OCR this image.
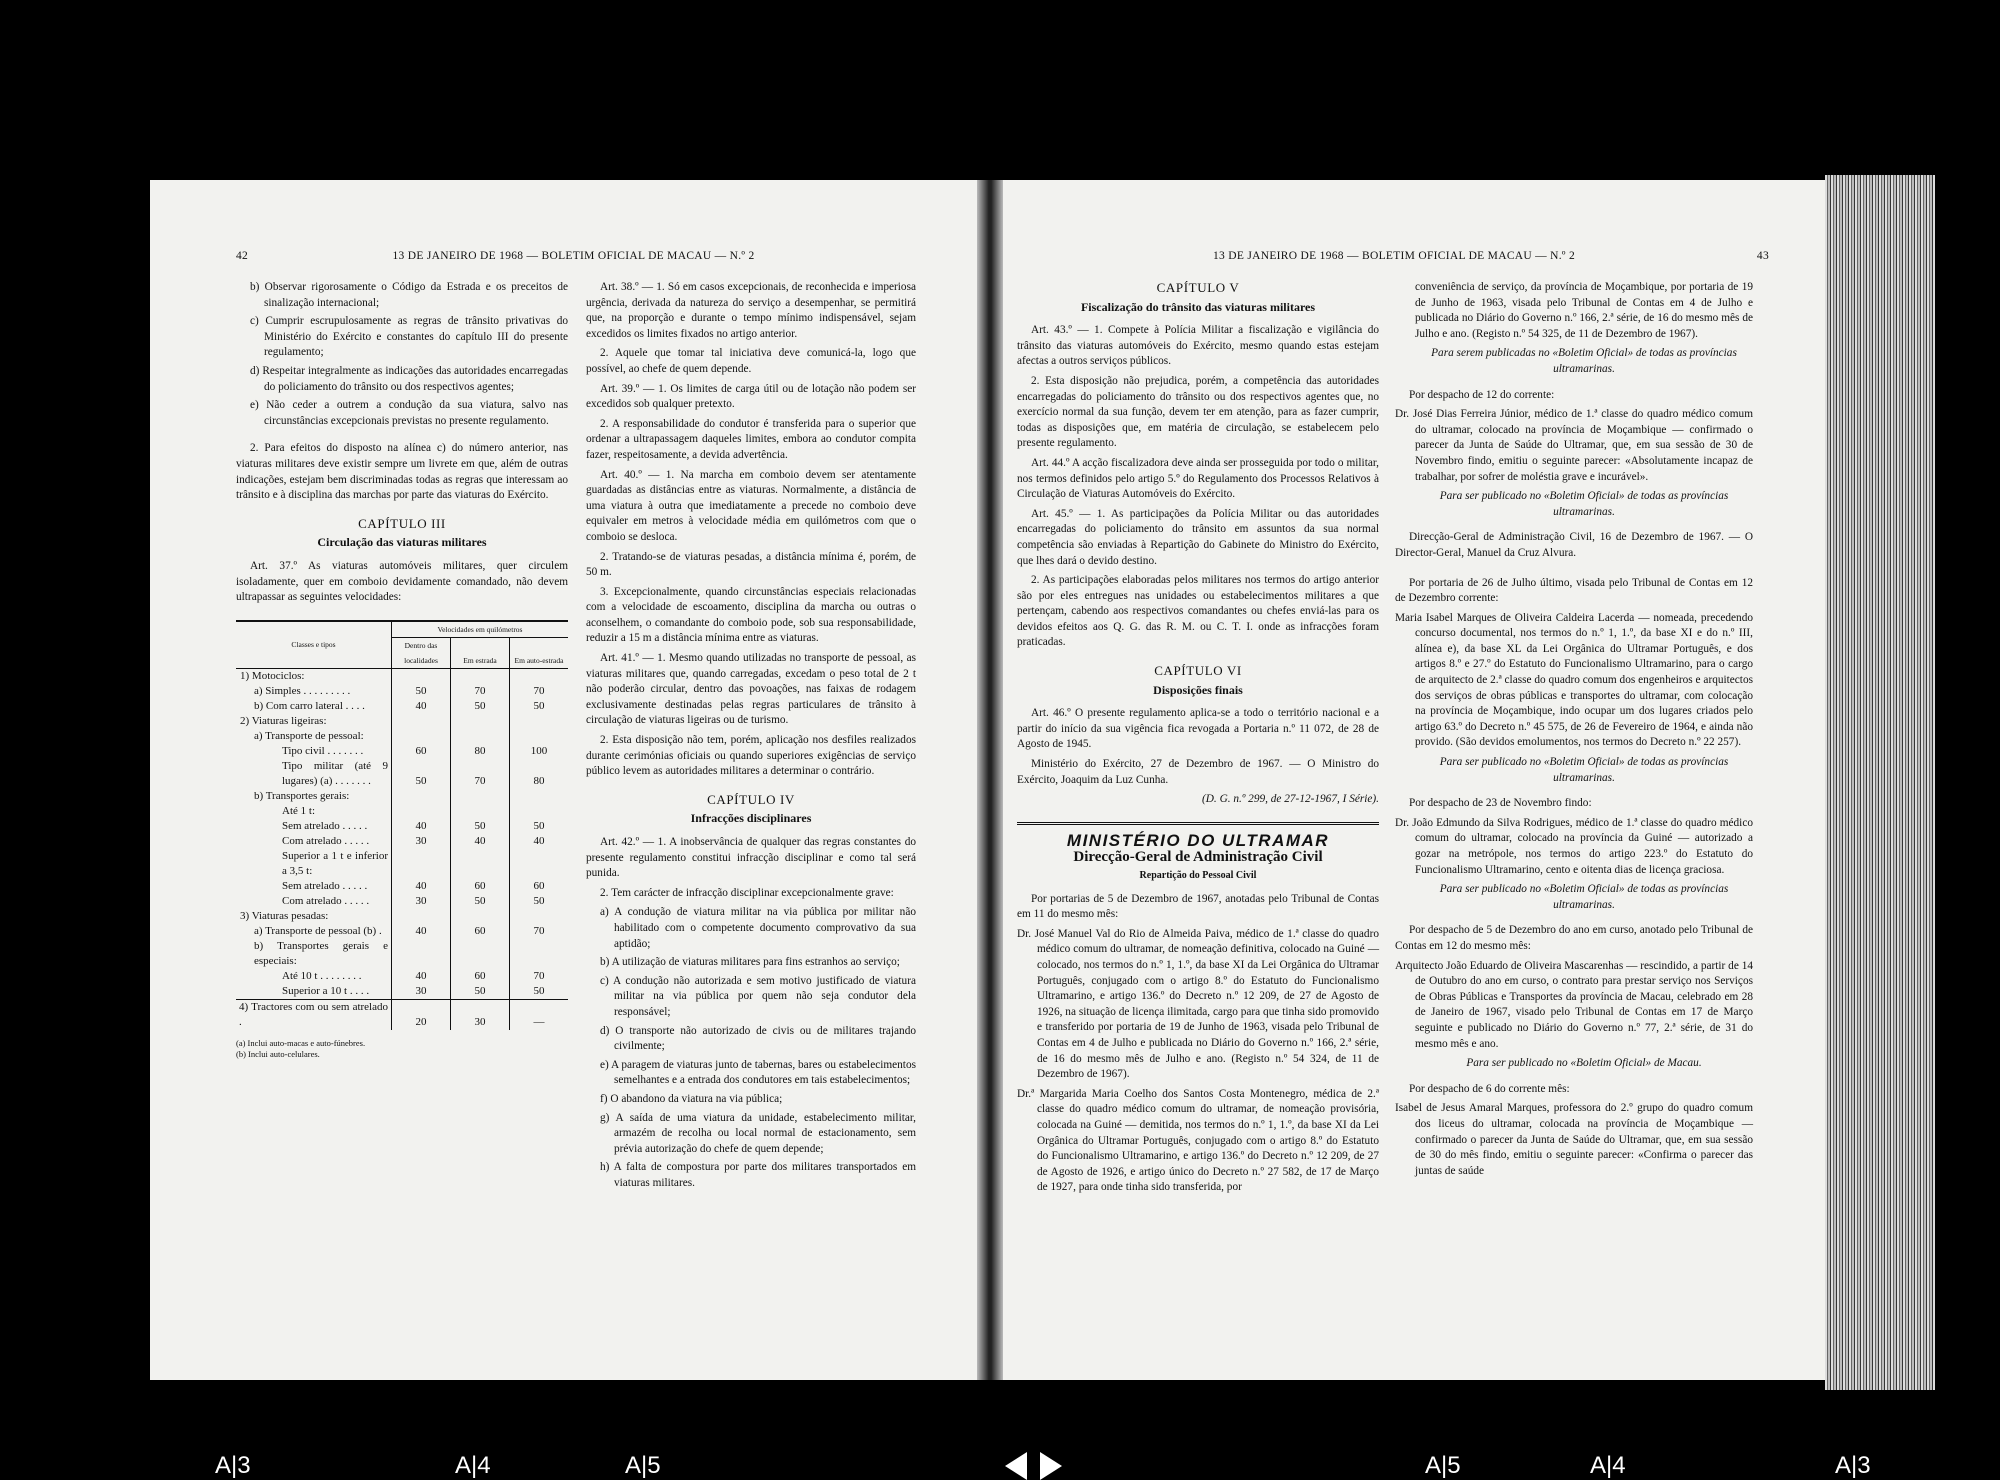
42	13 DE JANEIRO DE 1968 — BOLETIM OFICIAL DE MACAU — N.º 2

b) Observar rigorosamente o Código da Estrada e os preceitos de sinalização internacional;

c) Cumprir escrupulosamente as regras de trânsito privativas do Ministério do Exército e constantes do capítulo III do presente regulamento;

d) Respeitar integralmente as indicações das autoridades encarregadas do policiamento do trânsito ou dos respectivos agentes;

e) Não ceder a outrem a condução da sua viatura, salvo nas circunstâncias excepcionais previstas no presente regulamento.

2. Para efeitos do disposto na alínea c) do número anterior, nas viaturas militares deve existir sempre um livrete em que, além de outras indicações, estejam bem discriminadas todas as regras que interessam ao trânsito e à disciplina das marchas por parte das viaturas do Exército.

CAPÍTULO III

Circulação das viaturas militares

Art. 37.º As viaturas automóveis militares, quer circulem isoladamente, quer em comboio devidamente comandado, não devem ultrapassar as seguintes velocidades:

Classes e tipos	Velocidades em quilómetros		
	Dentro das localidades	Em estrada	Em auto-estrada
1) Motociclos:			
a) Simples . . . . . . . . .	50	70	70
b) Com carro lateral . . . .	40	50	50
2) Viaturas ligeiras:			
a) Transporte de pessoal:			
Tipo civil . . . . . . .	60	80	100
Tipo militar (até 9 lugares) (a) . . . . . . .	50	70	80
b) Transportes gerais:			
Até 1 t:			
Sem atrelado . . . . .	40	50	50
Com atrelado . . . . .	30	40	40
Superior a 1 t e inferior a 3,5 t:			
Sem atrelado . . . . .	40	60	60
Com atrelado . . . . .	30	50	50
3) Viaturas pesadas:			
a) Transporte de pessoal (b) .	40	60	70
b) Transportes gerais e especiais:			
Até 10 t . . . . . . . .	40	60	70
Superior a 10 t . . . .	30	50	50
4) Tractores com ou sem atrelado .	20	30	—
(a) Inclui auto-macas e auto-fúnebres.
(b) Inclui auto-celulares.

Art. 38.º — 1. Só em casos excepcionais, de reconhecida e imperiosa urgência, derivada da natureza do serviço a desempenhar, se permitirá que, na proporção e durante o tempo mínimo indispensável, sejam excedidos os limites fixados no artigo anterior.

2. Aquele que tomar tal iniciativa deve comunicá-la, logo que possível, ao chefe de quem depende.

Art. 39.º — 1. Os limites de carga útil ou de lotação não podem ser excedidos sob qualquer pretexto.

2. A responsabilidade do condutor é transferida para o superior que ordenar a ultrapassagem daqueles limites, embora ao condutor compita fazer, respeitosamente, a devida advertência.

Art. 40.º — 1. Na marcha em comboio devem ser atentamente guardadas as distâncias entre as viaturas. Normalmente, a distância de uma viatura à outra que imediatamente a precede no comboio deve equivaler em metros à velocidade média em quilómetros com que o comboio se desloca.

2. Tratando-se de viaturas pesadas, a distância mínima é, porém, de 50 m.

3. Excepcionalmente, quando circunstâncias especiais relacionadas com a velocidade de escoamento, disciplina da marcha ou outras o aconselhem, o comandante do comboio pode, sob sua responsabilidade, reduzir a 15 m a distância mínima entre as viaturas.

Art. 41.º — 1. Mesmo quando utilizadas no transporte de pessoal, as viaturas militares que, quando carregadas, excedam o peso total de 2 t não poderão circular, dentro das povoações, nas faixas de rodagem exclusivamente destinadas pelas regras particulares de trânsito à circulação de viaturas ligeiras ou de turismo.

2. Esta disposição não tem, porém, aplicação nos desfiles realizados durante cerimónias oficiais ou quando superiores exigências de serviço público levem as autoridades militares a determinar o contrário.

CAPÍTULO IV

Infracções disciplinares

Art. 42.º — 1. A inobservância de qualquer das regras constantes do presente regulamento constitui infracção disciplinar e como tal será punida.

2. Tem carácter de infracção disciplinar excepcionalmente grave:

a) A condução de viatura militar na via pública por militar não habilitado com o competente documento comprovativo da sua aptidão;

b) A utilização de viaturas militares para fins estranhos ao serviço;

c) A condução não autorizada e sem motivo justificado de viatura militar na via pública por quem não seja condutor dela responsável;

d) O transporte não autorizado de civis ou de militares trajando civilmente;

e) A paragem de viaturas junto de tabernas, bares ou estabelecimentos semelhantes e a entrada dos condutores em tais estabelecimentos;

f) O abandono da viatura na via pública;

g) A saída de uma viatura da unidade, estabelecimento militar, armazém de recolha ou local normal de estacionamento, sem prévia autorização do chefe de quem depende;

h) A falta de compostura por parte dos militares transportados em viaturas militares.

13 DE JANEIRO DE 1968 — BOLETIM OFICIAL DE MACAU — N.º 2	43

CAPÍTULO V

Fiscalização do trânsito das viaturas militares

Art. 43.º — 1. Compete à Polícia Militar a fiscalização e vigilância do trânsito das viaturas automóveis do Exército, mesmo quando estas estejam afectas a outros serviços públicos.

2. Esta disposição não prejudica, porém, a competência das autoridades encarregadas do policiamento do trânsito ou dos respectivos agentes que, no exercício normal da sua função, devem ter em atenção, para as fazer cumprir, todas as disposições que, em matéria de circulação, se estabelecem pelo presente regulamento.

Art. 44.º A acção fiscalizadora deve ainda ser prosseguida por todo o militar, nos termos definidos pelo artigo 5.º do Regulamento dos Processos Relativos à Circulação de Viaturas Automóveis do Exército.

Art. 45.º — 1. As participações da Polícia Militar ou das autoridades encarregadas do policiamento do trânsito em assuntos da sua normal competência são enviadas à Repartição do Gabinete do Ministro do Exército, que lhes dará o devido destino.

2. As participações elaboradas pelos militares nos termos do artigo anterior são por eles entregues nas unidades ou estabelecimentos militares a que pertençam, cabendo aos respectivos comandantes ou chefes enviá-las para os devidos efeitos aos Q. G. das R. M. ou C. T. I. onde as infracções foram praticadas.

CAPÍTULO VI

Disposições finais

Art. 46.º O presente regulamento aplica-se a todo o território nacional e a partir do início da sua vigência fica revogada a Portaria n.º 11 072, de 28 de Agosto de 1945.

Ministério do Exército, 27 de Dezembro de 1967. — O Ministro do Exército, Joaquim da Luz Cunha.

(D. G. n.º 299, de 27-12-1967, I Série).

MINISTÉRIO DO ULTRAMAR
Direcção-Geral de Administração Civil
Repartição do Pessoal Civil

Por portarias de 5 de Dezembro de 1967, anotadas pelo Tribunal de Contas em 11 do mesmo mês:

Dr. José Manuel Val do Rio de Almeida Paiva, médico de 1.ª classe do quadro médico comum do ultramar, de nomeação definitiva, colocado na Guiné — colocado, nos termos do n.º 1, 1.º, da base XI da Lei Orgânica do Ultramar Português, conjugado com o artigo 8.º do Estatuto do Funcionalismo Ultramarino, e artigo 136.º do Decreto n.º 12 209, de 27 de Agosto de 1926, na situação de licença ilimitada, cargo para que tinha sido promovido e transferido por portaria de 19 de Junho de 1963, visada pelo Tribunal de Contas em 4 de Julho e publicada no Diário do Governo n.º 166, 2.ª série, de 16 do mesmo mês de Julho e ano. (Registo n.º 54 324, de 11 de Dezembro de 1967).

Dr.ª Margarida Maria Coelho dos Santos Costa Montenegro, médica de 2.ª classe do quadro médico comum do ultramar, de nomeação provisória, colocada na Guiné — demitida, nos termos do n.º 1, 1.º, da base XI da Lei Orgânica do Ultramar Português, conjugado com o artigo 8.º do Estatuto do Funcionalismo Ultramarino, e artigo 136.º do Decreto n.º 12 209, de 27 de Agosto de 1926, e artigo único do Decreto n.º 27 582, de 17 de Março de 1927, para onde tinha sido transferida, por

conveniência de serviço, da província de Moçambique, por portaria de 19 de Junho de 1963, visada pelo Tribunal de Contas em 4 de Julho e publicada no Diário do Governo n.º 166, 2.ª série, de 16 do mesmo mês de Julho e ano. (Registo n.º 54 325, de 11 de Dezembro de 1967).

Para serem publicadas no «Boletim Oficial» de todas as províncias ultramarinas.

Por despacho de 12 do corrente:

Dr. José Dias Ferreira Júnior, médico de 1.ª classe do quadro médico comum do ultramar, colocado na província de Moçambique — confirmado o parecer da Junta de Saúde do Ultramar, que, em sua sessão de 30 de Novembro findo, emitiu o seguinte parecer: «Absolutamente incapaz de trabalhar, por sofrer de moléstia grave e incurável».

Para ser publicado no «Boletim Oficial» de todas as províncias ultramarinas.

Direcção-Geral de Administração Civil, 16 de Dezembro de 1967. — O Director-Geral, Manuel da Cruz Alvura.

Por portaria de 26 de Julho último, visada pelo Tribunal de Contas em 12 de Dezembro corrente:

Maria Isabel Marques de Oliveira Caldeira Lacerda — nomeada, precedendo concurso documental, nos termos do n.º 1, 1.º, da base XI e do n.º III, alínea e), da base XL da Lei Orgânica do Ultramar Português, e dos artigos 8.º e 27.º do Estatuto do Funcionalismo Ultramarino, para o cargo de arquitecto de 2.ª classe do quadro comum dos engenheiros e arquitectos dos serviços de obras públicas e transportes do ultramar, com colocação na província de Moçambique, indo ocupar um dos lugares criados pelo artigo 63.º do Decreto n.º 45 575, de 26 de Fevereiro de 1964, e ainda não provido. (São devidos emolumentos, nos termos do Decreto n.º 22 257).

Para ser publicado no «Boletim Oficial» de todas as províncias ultramarinas.

Por despacho de 23 de Novembro findo:

Dr. João Edmundo da Silva Rodrigues, médico de 1.ª classe do quadro médico comum do ultramar, colocado na província da Guiné — autorizado a gozar na metrópole, nos termos do artigo 223.º do Estatuto do Funcionalismo Ultramarino, cento e oitenta dias de licença graciosa.

Para ser publicado no «Boletim Oficial» de todas as províncias ultramarinas.

Por despacho de 5 de Dezembro do ano em curso, anotado pelo Tribunal de Contas em 12 do mesmo mês:

Arquitecto João Eduardo de Oliveira Mascarenhas — rescindido, a partir de 14 de Outubro do ano em curso, o contrato para prestar serviço nos Serviços de Obras Públicas e Transportes da província de Macau, celebrado em 28 de Janeiro de 1967, visado pelo Tribunal de Contas em 17 de Março seguinte e publicado no Diário do Governo n.º 77, 2.ª série, de 31 do mesmo mês e ano.

Para ser publicado no «Boletim Oficial» de Macau.

Por despacho de 6 do corrente mês:

Isabel de Jesus Amaral Marques, professora do 2.º grupo do quadro comum dos liceus do ultramar, colocada na província de Moçambique — confirmado o parecer da Junta de Saúde do Ultramar, que, em sua sessão de 30 do mês findo, emitiu o seguinte parecer: «Confirma o parecer das juntas de saúde

A|3	A|4	A|5	A|5	A|4	A|3
